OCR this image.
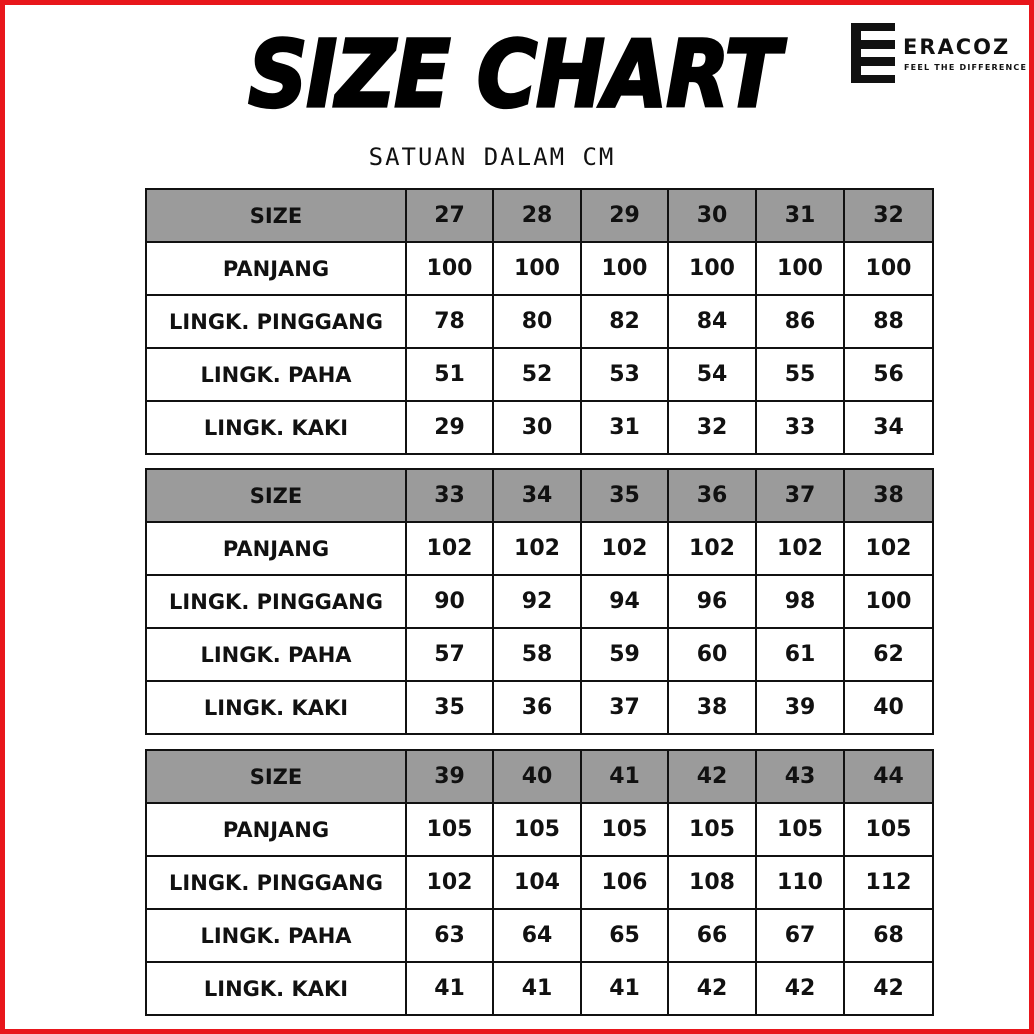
SIZE CHART
SATUAN DALAM CM
ERACOZ
FEEL THE DIFFERENCE
SIZE	27	28	29	30	31	32
PANJANG	100	100	100	100	100	100
LINGK. PINGGANG	78	80	82	84	86	88
LINGK. PAHA	51	52	53	54	55	56
LINGK. KAKI	29	30	31	32	33	34
SIZE	33	34	35	36	37	38
PANJANG	102	102	102	102	102	102
LINGK. PINGGANG	90	92	94	96	98	100
LINGK. PAHA	57	58	59	60	61	62
LINGK. KAKI	35	36	37	38	39	40
SIZE	39	40	41	42	43	44
PANJANG	105	105	105	105	105	105
LINGK. PINGGANG	102	104	106	108	110	112
LINGK. PAHA	63	64	65	66	67	68
LINGK. KAKI	41	41	41	42	42	42
